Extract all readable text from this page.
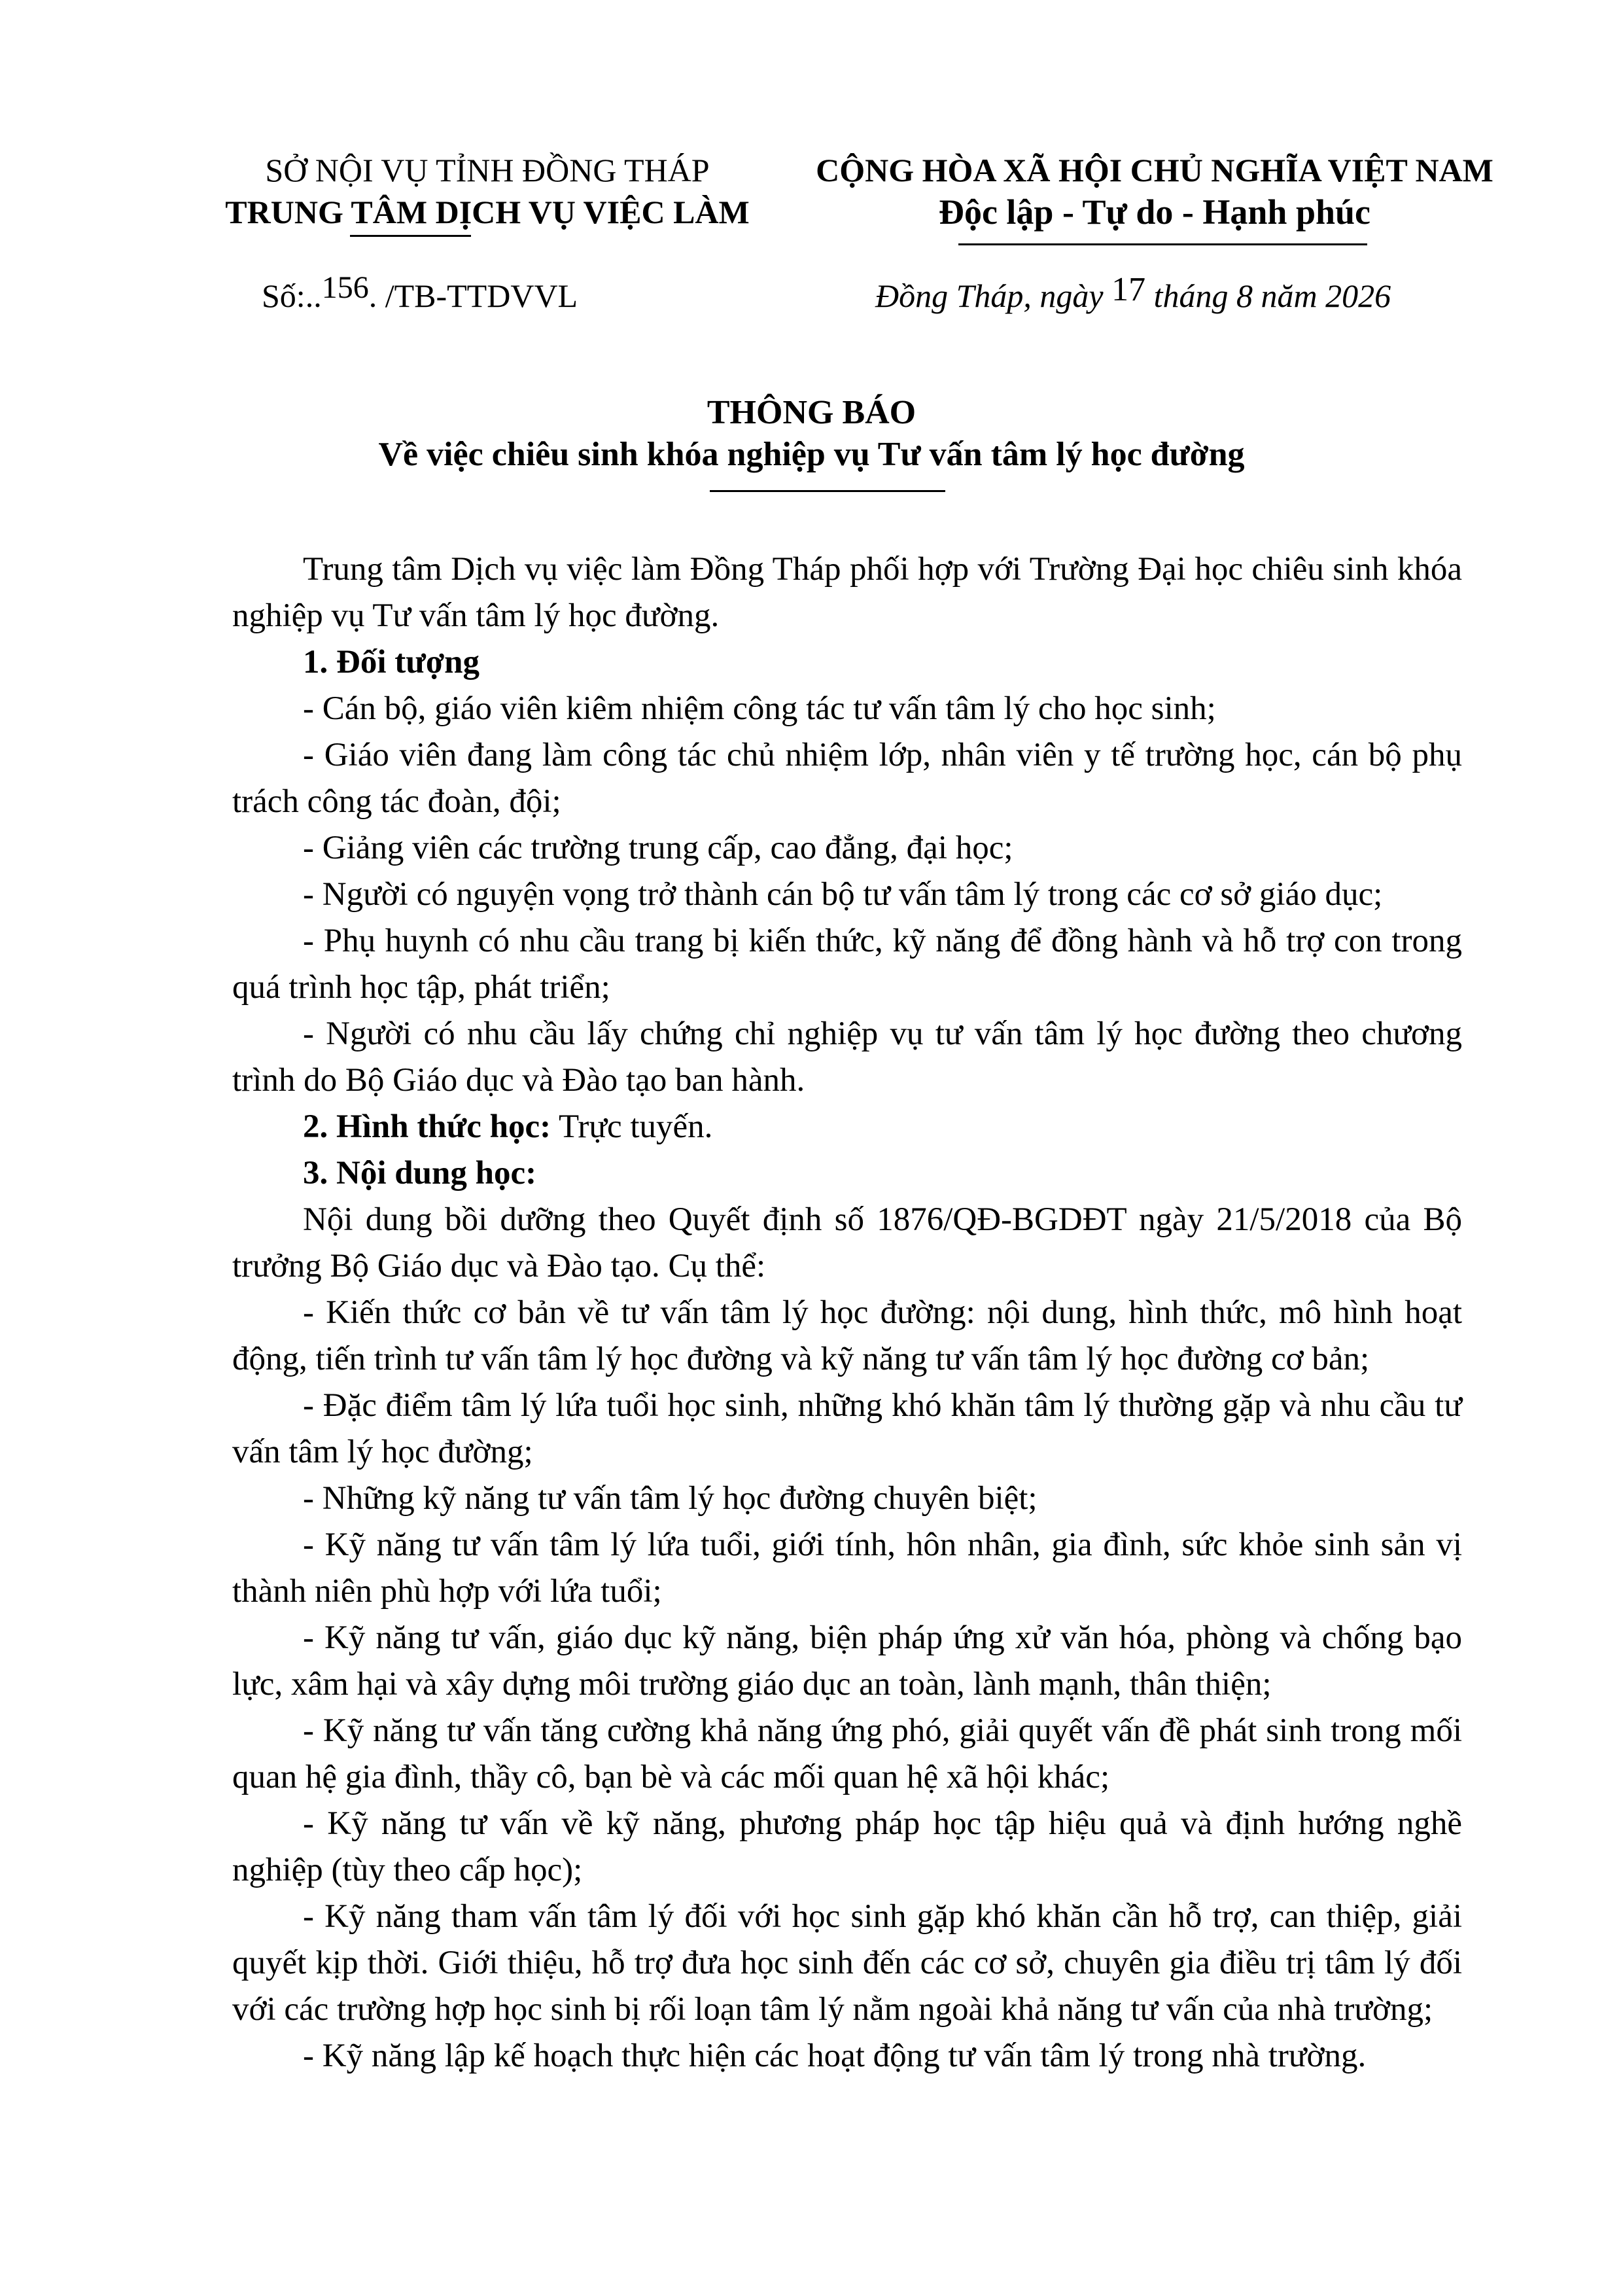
SỞ NỘI VỤ TỈNH ĐỒNG THÁP
TRUNG TÂM DỊCH VỤ VIỆC LÀM
CỘNG HÒA XÃ HỘI CHỦ NGHĨA VIỆT NAM
Độc lập - Tự do - Hạnh phúc
Số:..156. /TB-TTDVVL	Đồng Tháp, ngày 17 tháng 8 năm 2026
THÔNG BÁO
Về việc chiêu sinh khóa nghiệp vụ Tư vấn tâm lý học đường

Trung tâm Dịch vụ việc làm Đồng Tháp phối hợp với Trường Đại học chiêu sinh khóa nghiệp vụ Tư vấn tâm lý học đường.

1. Đối tượng

- Cán bộ, giáo viên kiêm nhiệm công tác tư vấn tâm lý cho học sinh;

- Giáo viên đang làm công tác chủ nhiệm lớp, nhân viên y tế trường học, cán bộ phụ trách công tác đoàn, đội;

- Giảng viên các trường trung cấp, cao đẳng, đại học;

- Người có nguyện vọng trở thành cán bộ tư vấn tâm lý trong các cơ sở giáo dục;

- Phụ huynh có nhu cầu trang bị kiến thức, kỹ năng để đồng hành và hỗ trợ con trong quá trình học tập, phát triển;

- Người có nhu cầu lấy chứng chỉ nghiệp vụ tư vấn tâm lý học đường theo chương trình do Bộ Giáo dục và Đào tạo ban hành.

2. Hình thức học: Trực tuyến.

3. Nội dung học:

Nội dung bồi dưỡng theo Quyết định số 1876/QĐ-BGDĐT ngày 21/5/2018 của Bộ trưởng Bộ Giáo dục và Đào tạo. Cụ thể:

- Kiến thức cơ bản về tư vấn tâm lý học đường: nội dung, hình thức, mô hình hoạt động, tiến trình tư vấn tâm lý học đường và kỹ năng tư vấn tâm lý học đường cơ bản;

- Đặc điểm tâm lý lứa tuổi học sinh, những khó khăn tâm lý thường gặp và nhu cầu tư vấn tâm lý học đường;

- Những kỹ năng tư vấn tâm lý học đường chuyên biệt;

- Kỹ năng tư vấn tâm lý lứa tuổi, giới tính, hôn nhân, gia đình, sức khỏe sinh sản vị thành niên phù hợp với lứa tuổi;

- Kỹ năng tư vấn, giáo dục kỹ năng, biện pháp ứng xử văn hóa, phòng và chống bạo lực, xâm hại và xây dựng môi trường giáo dục an toàn, lành mạnh, thân thiện;

- Kỹ năng tư vấn tăng cường khả năng ứng phó, giải quyết vấn đề phát sinh trong mối quan hệ gia đình, thầy cô, bạn bè và các mối quan hệ xã hội khác;

- Kỹ năng tư vấn về kỹ năng, phương pháp học tập hiệu quả và định hướng nghề nghiệp (tùy theo cấp học);

- Kỹ năng tham vấn tâm lý đối với học sinh gặp khó khăn cần hỗ trợ, can thiệp, giải quyết kịp thời. Giới thiệu, hỗ trợ đưa học sinh đến các cơ sở, chuyên gia điều trị tâm lý đối với các trường hợp học sinh bị rối loạn tâm lý nằm ngoài khả năng tư vấn của nhà trường;

- Kỹ năng lập kế hoạch thực hiện các hoạt động tư vấn tâm lý trong nhà trường.
